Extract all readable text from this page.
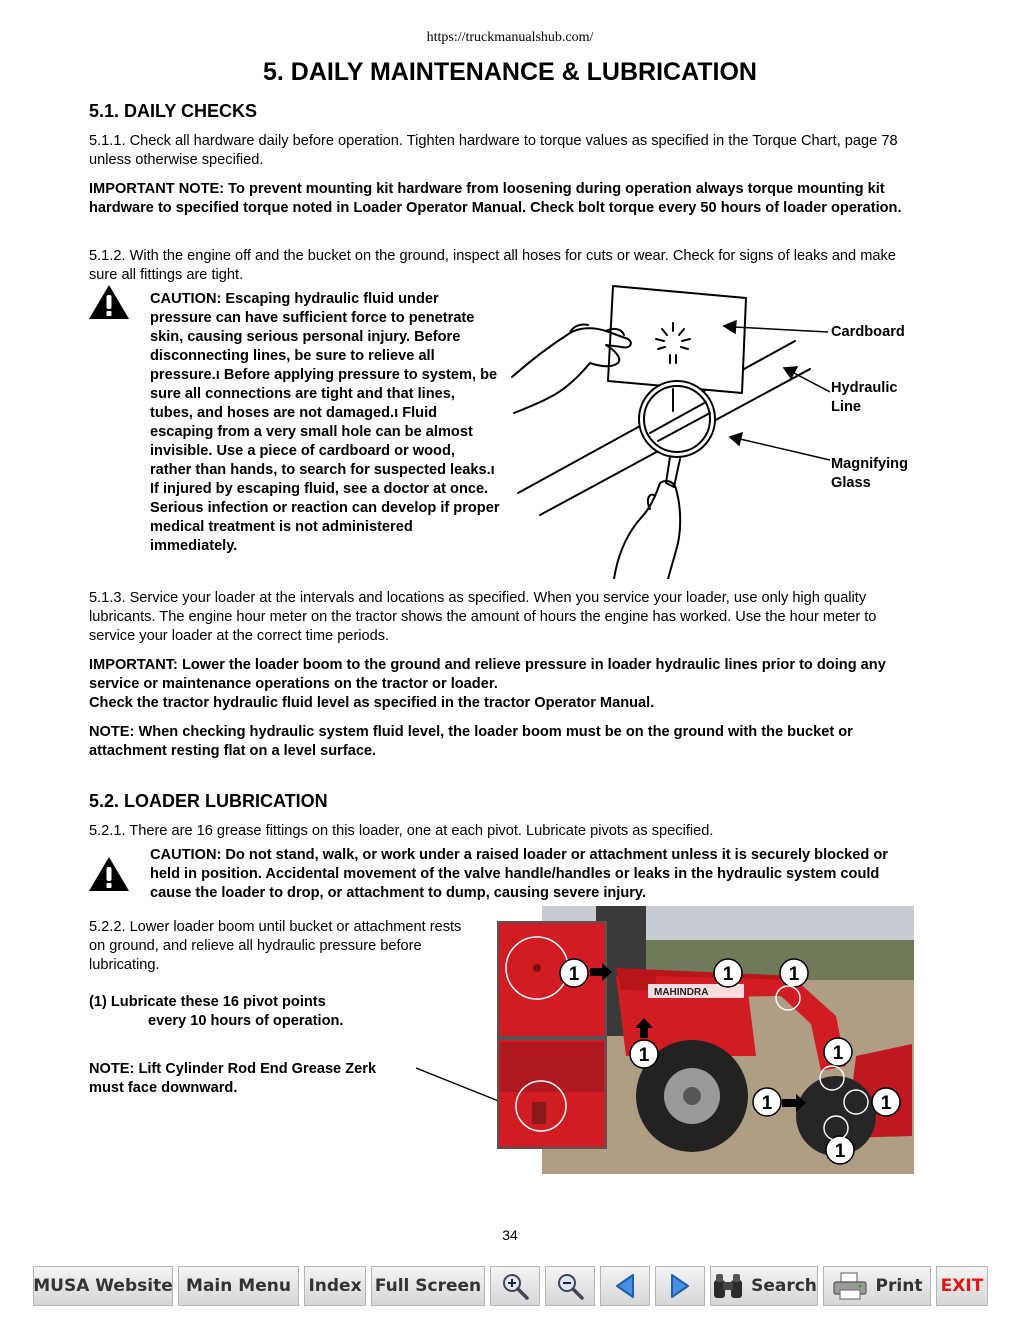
https://truckmanualshub.com/
5. DAILY MAINTENANCE & LUBRICATION
5.1. DAILY CHECKS

5.1.1. Check all hardware daily before operation. Tighten hardware to torque values as specified in the Torque Chart, page 78 unless otherwise specified.

IMPORTANT NOTE: To prevent mounting kit hardware from loosening during operation always torque mounting kit hardware to specified torque noted in Loader Operator Manual. Check bolt torque every 50 hours of loader operation.

5.1.2. With the engine off and the bucket on the ground, inspect all hoses for cuts or wear. Check for signs of leaks and make sure all fittings are tight.

CAUTION: Escaping hydraulic fluid under pressure can have sufficient force to penetrate skin, causing serious personal injury. Before disconnecting lines, be sure to relieve all pressure.ı Before applying pressure to system, be sure all connections are tight and that lines, tubes, and hoses are not damaged.ı Fluid escaping from a very small hole can be almost invisible. Use a piece of cardboard or wood, rather than hands, to search for suspected leaks.ı If injured by escaping fluid, see a doctor at once. Serious infection or reaction can develop if proper medical treatment is not administered immediately.
Cardboard
Hydraulic
Line
Magnifying
Glass

5.1.3. Service your loader at the intervals and locations as specified. When you service your loader, use only high quality lubricants. The engine hour meter on the tractor shows the amount of hours the engine has worked. Use the hour meter to service your loader at the correct time periods.

IMPORTANT: Lower the loader boom to the ground and relieve pressure in loader hydraulic lines prior to doing any service or maintenance operations on the tractor or loader.
Check the tractor hydraulic fluid level as specified in the tractor Operator Manual.

NOTE: When checking hydraulic system fluid level, the loader boom must be on the ground with the bucket or attachment resting flat on a level surface.

5.2. LOADER LUBRICATION

5.2.1. There are 16 grease fittings on this loader, one at each pivot. Lubricate pivots as specified.

CAUTION: Do not stand, walk, or work under a raised loader or attachment unless it is securely blocked or held in position. Accidental movement of the valve handle/handles or leaks in the hydraulic system could cause the loader to drop, or attachment to dump, causing severe injury.

5.2.2. Lower loader boom until bucket or attachment rests on ground, and relieve all hydraulic pressure before lubricating.

(1) Lubricate these 16 pivot points
every 10 hours of operation.
NOTE: Lift Cylinder Rod End Grease Zerk
must face downward.
MAHINDRA
1	1	1
1	1
1	1
1
34
MUSA Website Main Menu Index Full Screen	Search	Print EXIT
